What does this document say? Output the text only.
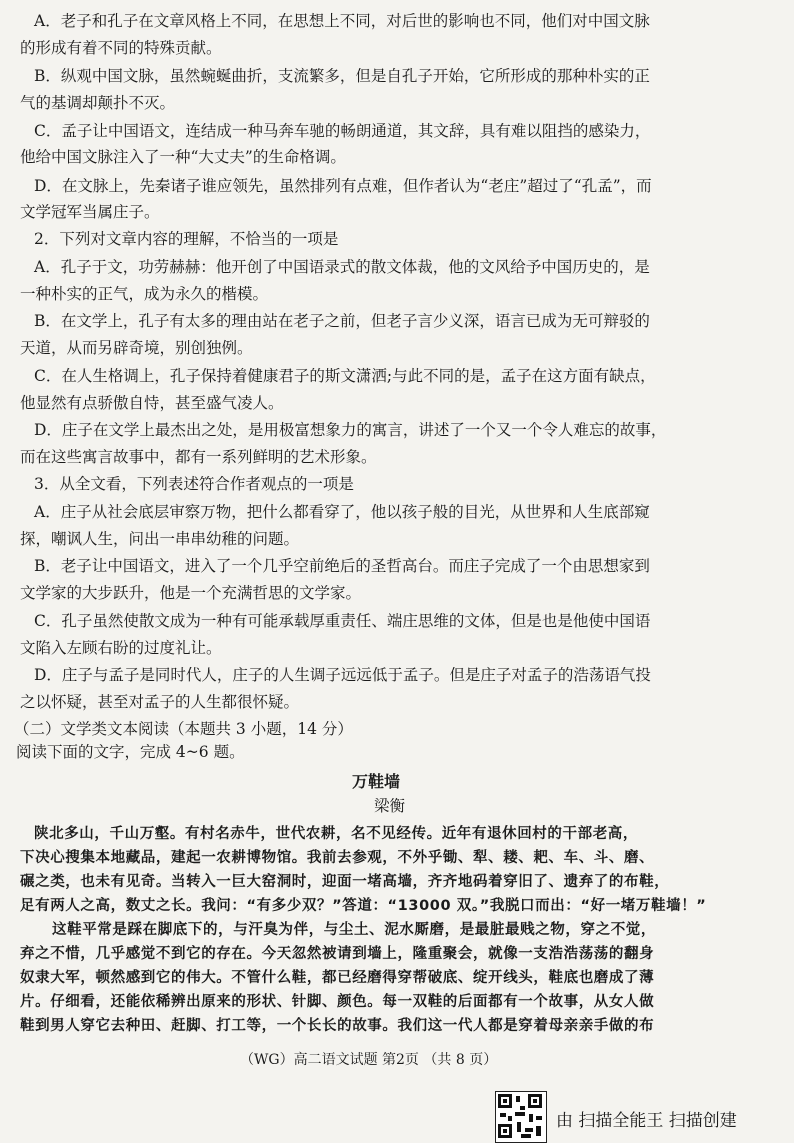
A．老子和孔子在文章风格上不同，在思想上不同，对后世的影响也不同，他们对中国文脉
的形成有着不同的特殊贡献。
B．纵观中国文脉，虽然蜿蜒曲折，支流繁多，但是自孔子开始，它所形成的那种朴实的正
气的基调却颠扑不灭。
C．孟子让中国语文，连结成一种马奔车驰的畅朗通道，其文辞，具有难以阻挡的感染力，
他给中国文脉注入了一种“大丈夫”的生命格调。
D．在文脉上，先秦诸子谁应领先，虽然排列有点难，但作者认为“老庄”超过了“孔孟”，而
文学冠军当属庄子。
2．下列对文章内容的理解，不恰当的一项是
A．孔子于文，功劳赫赫：他开创了中国语录式的散文体裁，他的文风给予中国历史的，是
一种朴实的正气，成为永久的楷模。
B．在文学上，孔子有太多的理由站在老子之前，但老子言少义深，语言已成为无可辩驳的
天道，从而另辟奇境，别创独例。
C．在人生格调上，孔子保持着健康君子的斯文潇洒;与此不同的是，孟子在这方面有缺点，
他显然有点骄傲自恃，甚至盛气凌人。
D．庄子在文学上最杰出之处，是用极富想象力的寓言，讲述了一个又一个令人难忘的故事，
而在这些寓言故事中，都有一系列鲜明的艺术形象。
3．从全文看，下列表述符合作者观点的一项是
A．庄子从社会底层审察万物，把什么都看穿了，他以孩子般的目光，从世界和人生底部窥
探，嘲讽人生，问出一串串幼稚的问题。
B．老子让中国语文，进入了一个几乎空前绝后的圣哲高台。而庄子完成了一个由思想家到
文学家的大步跃升，他是一个充满哲思的文学家。
C．孔子虽然使散文成为一种有可能承载厚重责任、端庄思维的文体，但是也是他使中国语
文陷入左顾右盼的过度礼让。
D．庄子与孟子是同时代人，庄子的人生调子远远低于孟子。但是庄子对孟子的浩荡语气投
之以怀疑，甚至对孟子的人生都很怀疑。
（二）文学类文本阅读（本题共 3 小题，14 分）
阅读下面的文字，完成 4~6 题。
万鞋墙
梁衡
陕北多山，千山万壑。有村名赤牛，世代农耕，名不见经传。近年有退休回村的干部老高，
下决心搜集本地藏品，建起一农耕博物馆。我前去参观，不外乎锄、犁、耧、耙、车、斗、磨、
碾之类，也未有见奇。当转入一巨大窑洞时，迎面一堵高墙，齐齐地码着穿旧了、遗弃了的布鞋，
足有两人之高，数丈之长。我问：“有多少双？”答道：“13000 双。”我脱口而出：“好一堵万鞋墙！”
这鞋平常是踩在脚底下的，与汗臭为伴，与尘土、泥水厮磨，是最脏最贱之物，穿之不觉，
弃之不惜，几乎感觉不到它的存在。今天忽然被请到墙上，隆重聚会，就像一支浩浩荡荡的翻身
奴隶大军，顿然感到它的伟大。不管什么鞋，都已经磨得穿帮破底、绽开线头，鞋底也磨成了薄
片。仔细看，还能依稀辨出原来的形状、针脚、颜色。每一双鞋的后面都有一个故事，从女人做
鞋到男人穿它去种田、赶脚、打工等，一个长长的故事。我们这一代人都是穿着母亲亲手做的布
（WG）高二语文试题 第2页 （共 8 页）
由 扫描全能王 扫描创建
